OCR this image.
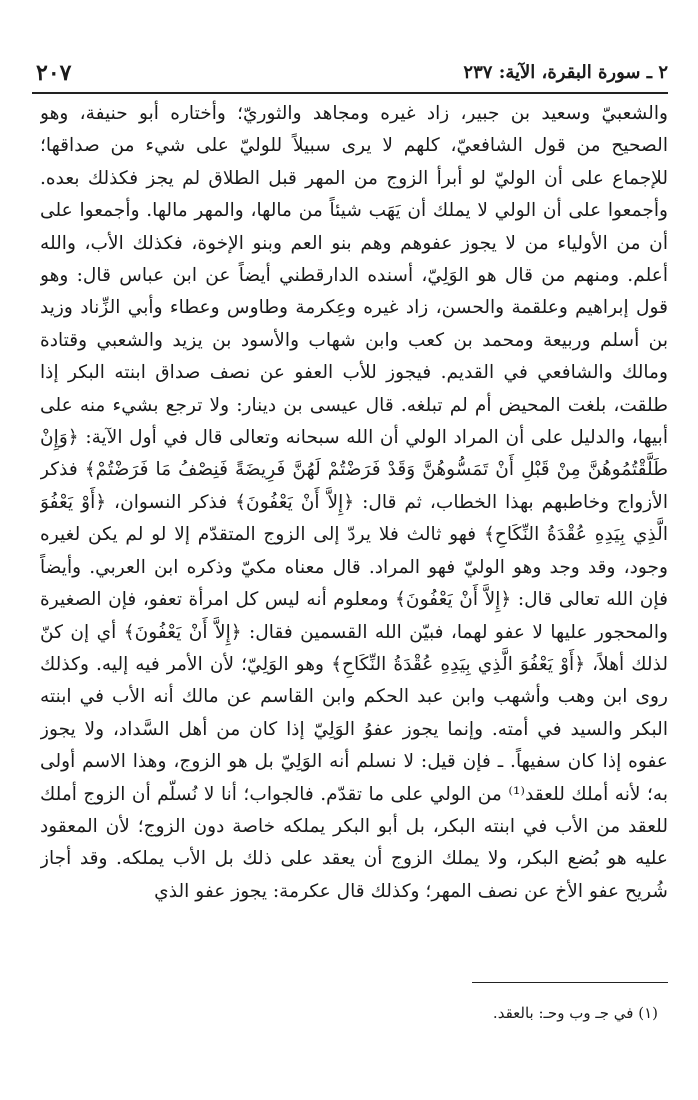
٢٠٧	٢ ـ سورة البقرة، الآية: ٢٣٧

والشعبيّ وسعيد بن جبير، زاد غيره ومجاهد والثوريّ؛ وأختاره أبو حنيفة، وهو الصحيح من قول الشافعيّ، كلهم لا يرى سبيلاً للوليّ على شيء من صداقها؛ للإجماع على أن الوليّ لو أبرأ الزوج من المهر قبل الطلاق لم يجز فكذلك بعده. وأجمعوا على أن الولي لا يملك أن يَهَب شيئاً من مالها، والمهر مالها. وأجمعوا على أن من الأولياء من لا يجوز عفوهم وهم بنو العم وبنو الإخوة، فكذلك الأب، والله أعلم. ومنهم من قال هو الوَلِيّ، أسنده الدارقطني أيضاً عن ابن عباس قال: وهو قول إبراهيم وعلقمة والحسن، زاد غيره وعِكرمة وطاوس وعطاء وأبي الزِّناد وزيد بن أسلم وربيعة ومحمد بن كعب وابن شهاب والأسود بن يزيد والشعبي وقتادة ومالك والشافعي في القديم. فيجوز للأب العفو عن نصف صداق ابنته البكر إذا طلقت، بلغت المحيض أم لم تبلغه. قال عيسى بن دينار: ولا ترجع بشيء منه على أبيها، والدليل على أن المراد الولي أن الله سبحانه وتعالى قال في أول الآية: ﴿وَإِنْ طَلَّقْتُمُوهُنَّ مِنْ قَبْلِ أَنْ تَمَسُّوهُنَّ وَقَدْ فَرَضْتُمْ لَهُنَّ فَرِيضَةً فَنِصْفُ مَا فَرَضْتُمْ﴾ فذكر الأزواج وخاطبهم بهذا الخطاب، ثم قال: ﴿إِلاَّ أَنْ يَعْفُونَ﴾ فذكر النسوان، ﴿أَوْ يَعْفُوَ الَّذِي بِيَدِهِ عُقْدَةُ النِّكَاحِ﴾ فهو ثالث فلا يردّ إلى الزوج المتقدّم إلا لو لم يكن لغيره وجود، وقد وجد وهو الوليّ فهو المراد. قال معناه مكيّ وذكره ابن العربي. وأيضاً فإن الله تعالى قال: ﴿إِلاَّ أَنْ يَعْفُونَ﴾ ومعلوم أنه ليس كل امرأة تعفو، فإن الصغيرة والمحجور عليها لا عفو لهما، فبيّن الله القسمين فقال: ﴿إِلاَّ أَنْ يَعْفُونَ﴾ أي إن كنّ لذلك أهلاً، ﴿أَوْ يَعْفُوَ الَّذِي بِيَدِهِ عُقْدَةُ النِّكَاحِ﴾ وهو الوَلِيّ؛ لأن الأمر فيه إليه. وكذلك روى ابن وهب وأشهب وابن عبد الحكم وابن القاسم عن مالك أنه الأب في ابنته البكر والسيد في أمته. وإنما يجوز عفوُ الوَلِيّ إذا كان من أهل السَّداد، ولا يجوز عفوه إذا كان سفيهاً. ـ فإن قيل: لا نسلم أنه الوَلِيّ بل هو الزوج، وهذا الاسم أولى به؛ لأنه أملك للعقد⁽¹⁾ من الولي على ما تقدّم. فالجواب؛ أنا لا نُسلّم أن الزوج أملك للعقد من الأب في ابنته البكر، بل أبو البكر يملكه خاصة دون الزوج؛ لأن المعقود عليه هو بُضع البكر، ولا يملك الزوج أن يعقد على ذلك بل الأب يملكه. وقد أجاز شُريح عفو الأخ عن نصف المهر؛ وكذلك قال عكرمة: يجوز عفو الذي

(١) في جـ وب وحـ: بالعقد.
